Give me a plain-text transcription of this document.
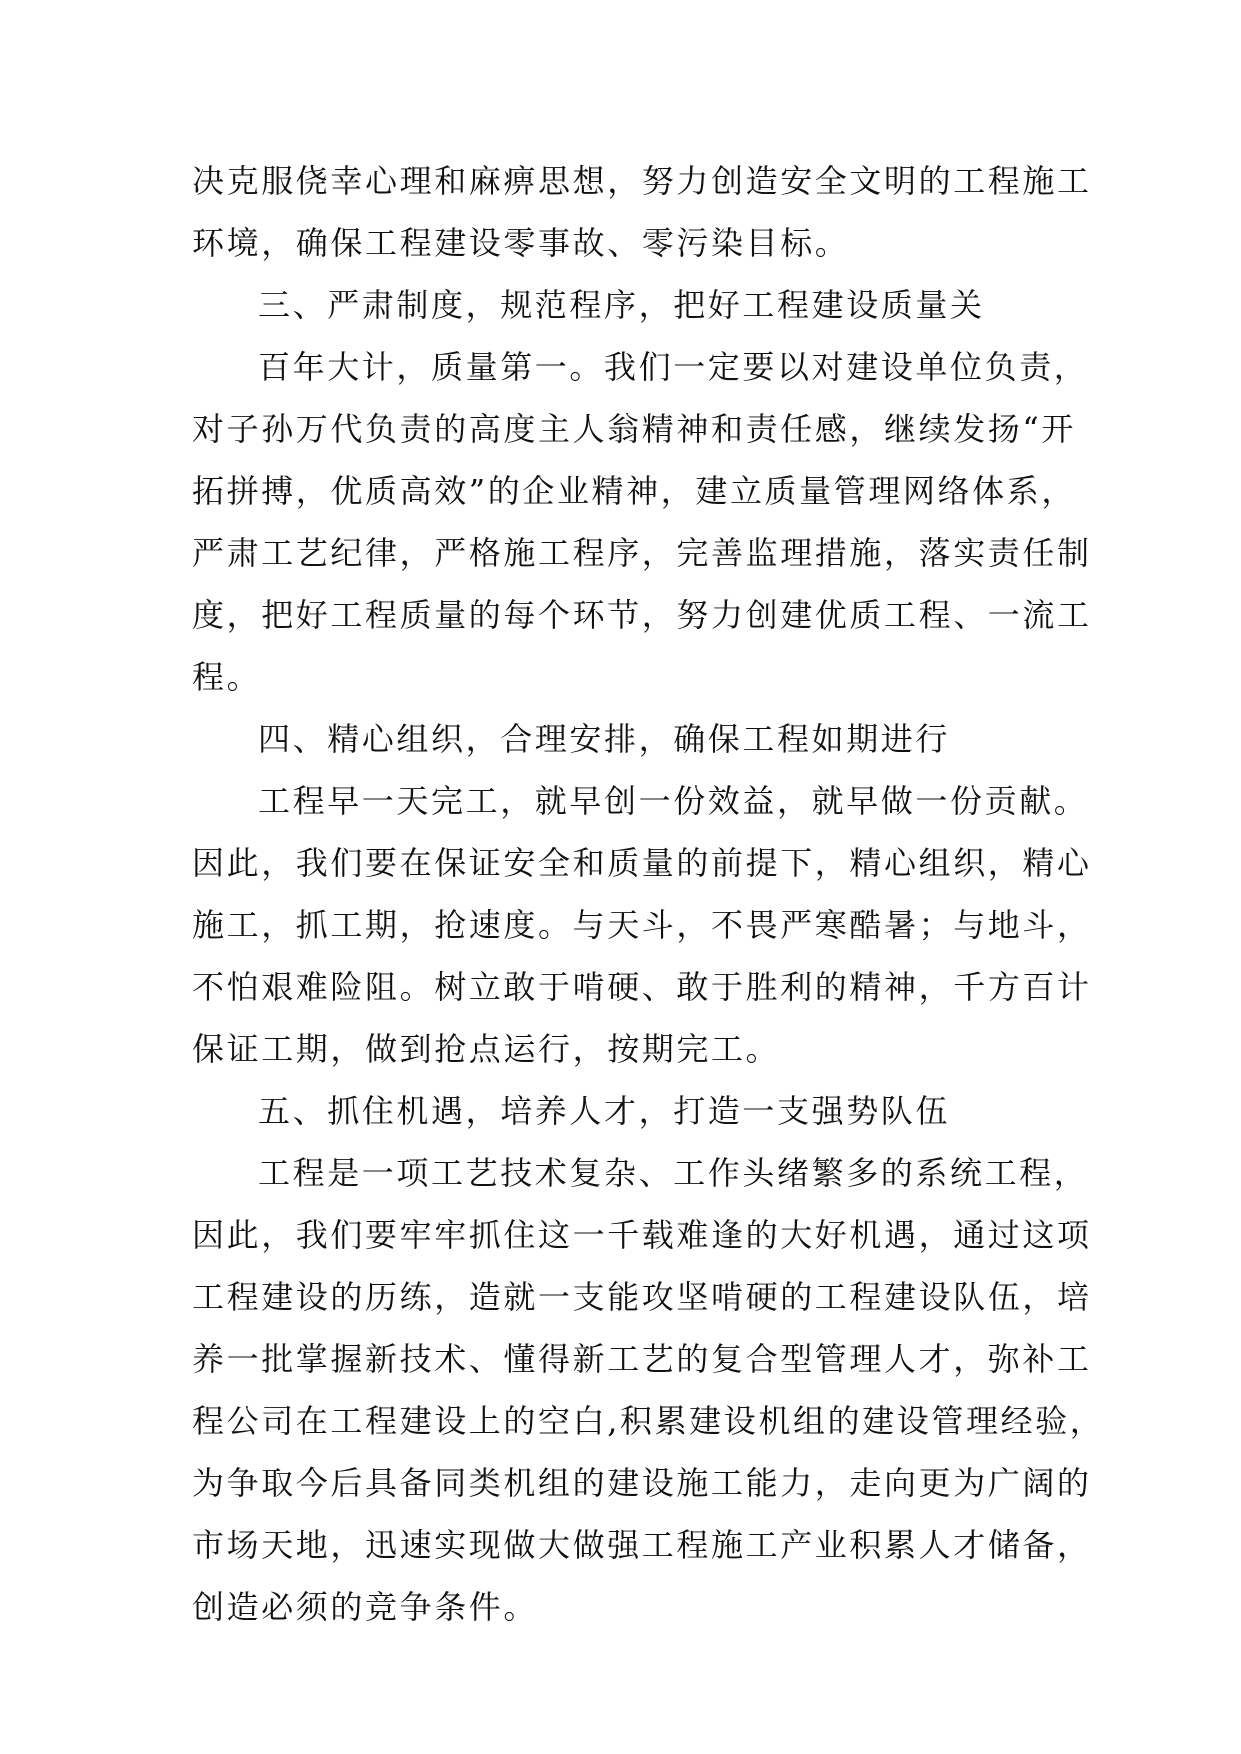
决克服侥幸心理和麻痹思想，努力创造安全文明的工程施工
环境，确保工程建设零事故、零污染目标。
三、严肃制度，规范程序，把好工程建设质量关
百年大计，质量第一。我们一定要以对建设单位负责，
对子孙万代负责的高度主人翁精神和责任感，继续发扬“开
拓拼搏，优质高效”的企业精神，建立质量管理网络体系，
严肃工艺纪律，严格施工程序，完善监理措施，落实责任制
度，把好工程质量的每个环节，努力创建优质工程、一流工
程。
四、精心组织，合理安排，确保工程如期进行
工程早一天完工，就早创一份效益，就早做一份贡献。
因此，我们要在保证安全和质量的前提下，精心组织，精心
施工，抓工期，抢速度。与天斗，不畏严寒酷暑；与地斗，
不怕艰难险阻。树立敢于啃硬、敢于胜利的精神，千方百计
保证工期，做到抢点运行，按期完工。
五、抓住机遇，培养人才，打造一支强势队伍
工程是一项工艺技术复杂、工作头绪繁多的系统工程，
因此，我们要牢牢抓住这一千载难逢的大好机遇，通过这项
工程建设的历练，造就一支能攻坚啃硬的工程建设队伍，培
养一批掌握新技术、懂得新工艺的复合型管理人才，弥补工
程公司在工程建设上的空白,积累建设机组的建设管理经验，
为争取今后具备同类机组的建设施工能力，走向更为广阔的
市场天地，迅速实现做大做强工程施工产业积累人才储备，
创造必须的竞争条件。
